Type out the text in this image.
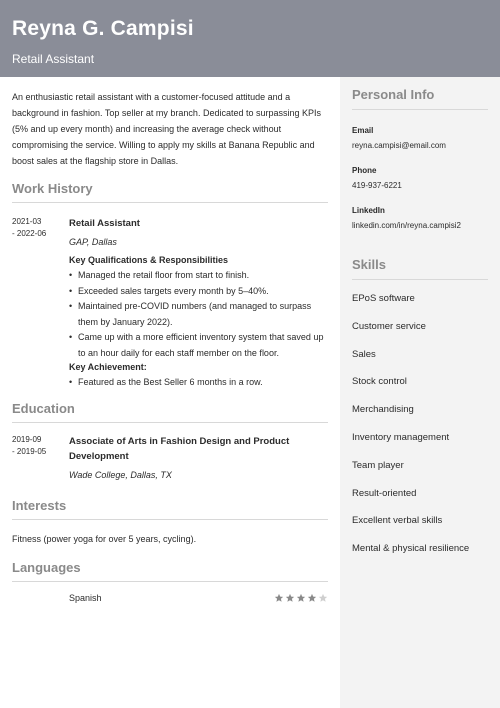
Reyna G. Campisi
Retail Assistant

An enthusiastic retail assistant with a customer-focused attitude and a background in fashion. Top seller at my branch. Dedicated to surpassing KPIs (5% and up every month) and increasing the average check without compromising the service. Willing to apply my skills at Banana Republic and boost sales at the flagship store in Dallas.

Work History
2021-03
- 2022-06
Retail Assistant
GAP, Dallas
Key Qualifications & Responsibilities
• Managed the retail floor from start to finish.
• Exceeded sales targets every month by 5–40%.
• Maintained pre-COVID numbers (and managed to surpass them by January 2022).
• Came up with a more efficient inventory system that saved up to an hour daily for each staff member on the floor.
Key Achievement:
• Featured as the Best Seller 6 months in a row.
Education
2019-09
- 2019-05
Associate of Arts in Fashion Design and Product Development
Wade College, Dallas, TX
Interests
Fitness (power yoga for over 5 years, cycling).
Languages
Spanish
Personal Info
Email
reyna.campisi@email.com
Phone
419-937-6221
LinkedIn
linkedin.com/in/reyna.campisi2
Skills
EPoS software
Customer service
Sales
Stock control
Merchandising
Inventory management
Team player
Result-oriented
Excellent verbal skills
Mental & physical resilience
